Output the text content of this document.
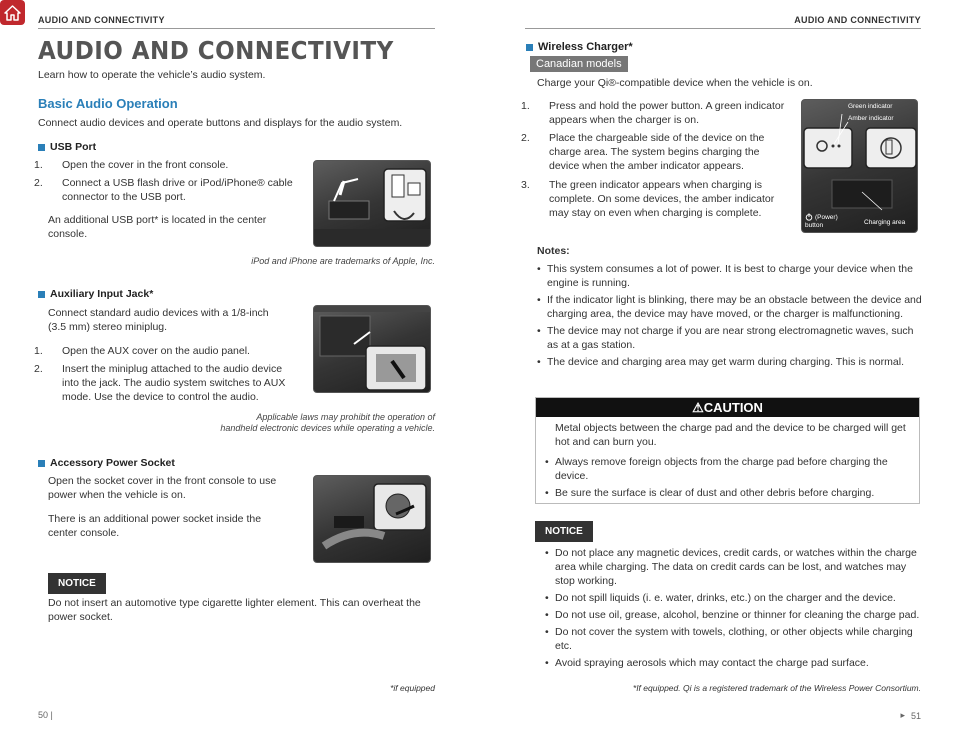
AUDIO AND CONNECTIVITY	AUDIO AND CONNECTIVITY
AUDIO AND CONNECTIVITY
Learn how to operate the vehicle’s audio system.
Basic Audio Operation
Connect audio devices and operate buttons and displays for the audio system.
USB Port
1. Open the cover in the front console.
2. Connect a USB flash drive or iPod/iPhone® cable connector to the USB port.
An additional USB port* is located in the center console.
iPod and iPhone are trademarks of Apple, Inc.
Auxiliary Input Jack*
Connect standard audio devices with a 1/8-inch (3.5 mm) stereo miniplug.
1. Open the AUX cover on the audio panel.
2. Insert the miniplug attached to the audio device into the jack. The audio system switches to AUX mode. Use the device to control the audio.
Applicable laws may prohibit the operation of
handheld electronic devices while operating a vehicle.
Accessory Power Socket
Open the socket cover in the front console to use power when the vehicle is on.
There is an additional power socket inside the center console.
NOTICE
Do not insert an automotive type cigarette lighter element. This can overheat the power socket.
*if equipped
50 |
Wireless Charger*
Canadian models
Charge your Qi®-compatible device when the vehicle is on.
1. Press and hold the power button. A green indicator appears when the charger is on.
2. Place the chargeable side of the device on the charge area. The system begins charging the device when the amber indicator appears.
3. The green indicator appears when charging is complete. On some devices, the amber indicator may stay on even when charging is complete.
Green indicator
Amber indicator
(Power)
button	Charging area
Notes:
• This system consumes a lot of power. It is best to charge your device when the engine is running.
• If the indicator light is blinking, there may be an obstacle between the device and charging area, the device may have moved, or the charger is malfunctioning.
• The device may not charge if you are near strong electromagnetic waves, such as at a gas station.
• The device and charging area may get warm during charging. This is normal.
⚠CAUTION
Metal objects between the charge pad and the device to be charged will get hot and can burn you.
• Always remove foreign objects from the charge pad before charging the device.
• Be sure the surface is clear of dust and other debris before charging.
NOTICE
• Do not place any magnetic devices, credit cards, or watches within the charge area while charging. The data on credit cards can be lost, and watches may stop working.
• Do not spill liquids (i. e. water, drinks, etc.) on the charger and the device.
• Do not use oil, grease, alcohol, benzine or thinner for cleaning the charge pad.
• Do not cover the system with towels, clothing, or other objects while charging etc.
• Avoid spraying aerosols which may contact the charge pad surface.
*If equipped. Qi is a registered trademark of the Wireless Power Consortium.
▸ 51
